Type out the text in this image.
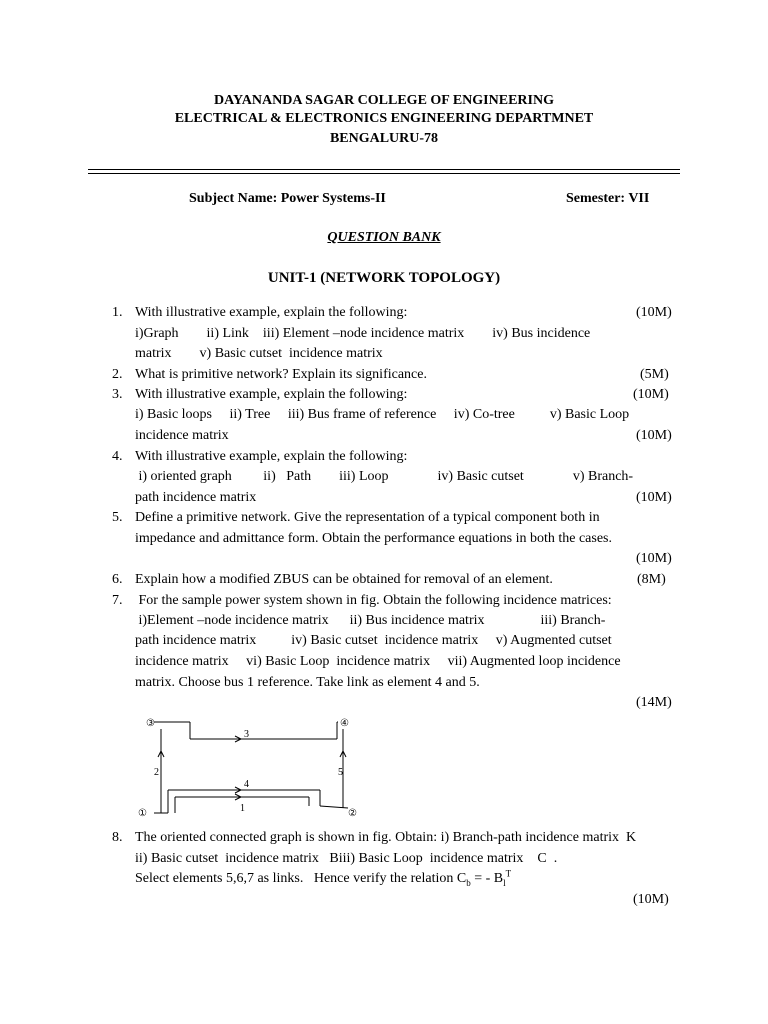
DAYANANDA SAGAR COLLEGE OF ENGINEERING
ELECTRICAL & ELECTRONICS ENGINEERING DEPARTMNET
BENGALURU-78
Subject Name: Power Systems-II	Semester: VII
QUESTION BANK
UNIT-1 (NETWORK TOPOLOGY)
1. With illustrative example, explain the following:	(10M)
i)Graph        ii) Link    iii) Element –node incidence matrix        iv) Bus incidence
matrix        v) Basic cutset  incidence matrix
2. What is primitive network? Explain its significance.	(5M)
3. With illustrative example, explain the following:	(10M)
i) Basic loops     ii) Tree     iii) Bus frame of reference     iv) Co-tree          v) Basic Loop
incidence matrix	(10M)
4. With illustrative example, explain the following:
i) oriented graph         ii)   Path        iii) Loop              iv) Basic cutset              v) Branch-
path incidence matrix	(10M)
5. Define a primitive network. Give the representation of a typical component both in
impedance and admittance form. Obtain the performance equations in both the cases.
(10M)
6. Explain how a modified ZBUS can be obtained for removal of an element.	(8M)
7. For the sample power system shown in fig. Obtain the following incidence matrices:
i)Element –node incidence matrix      ii) Bus incidence matrix                iii) Branch-
path incidence matrix          iv) Basic cutset  incidence matrix     v) Augmented cutset
incidence matrix     vi) Basic Loop  incidence matrix     vii) Augmented loop incidence
matrix. Choose bus 1 reference. Take link as element 4 and 5.
(14M)
③	④
①	②
3
2	5
4
1
8. The oriented connected graph is shown in fig. Obtain: i) Branch-path incidence matrix  K
ii) Basic cutset  incidence matrix   Biii) Basic Loop  incidence matrix    C  .
Select elements 5,6,7 as links.   Hence verify the relation $C_b$ = - $B_l^T$
(10M)
